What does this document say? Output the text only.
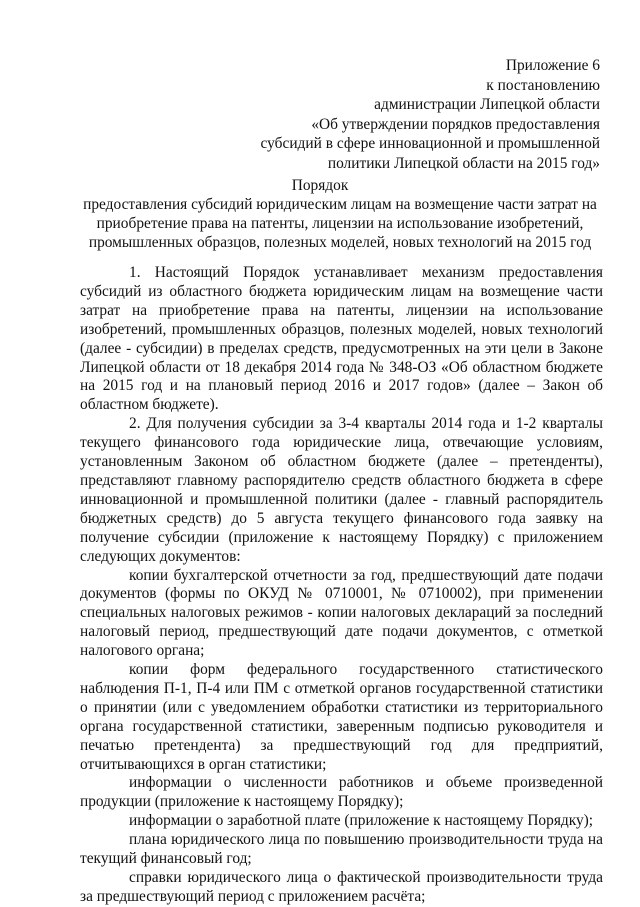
Приложение 6
к постановлению
администрации Липецкой области
«Об утверждении порядков предоставления
субсидий в сфере инновационной и промышленной
политики Липецкой области на 2015 год»
Порядок
предоставления субсидий юридическим лицам на возмещение части затрат на
приобретение права на патенты, лицензии на использование изобретений,
промышленных образцов, полезных моделей, новых технологий на 2015 год

1. Настоящий Порядок устанавливает механизм предоставления субсидий из областного бюджета юридическим лицам на возмещение части затрат на приобретение права на патенты, лицензии на использование изобретений, промышленных образцов, полезных моделей, новых технологий (далее - субсидии) в пределах средств, предусмотренных на эти цели в Законе Липецкой области от 18 декабря 2014 года № 348-ОЗ «Об областном бюджете на 2015 год и на плановый период 2016 и 2017 годов» (далее – Закон об областном бюджете).

2. Для получения субсидии за 3-4 кварталы 2014 года и 1-2 кварталы текущего финансового года юридические лица, отвечающие условиям, установленным Законом об областном бюджете (далее – претенденты), представляют главному распорядителю средств областного бюджета в сфере инновационной и промышленной политики (далее - главный распорядитель бюджетных средств) до 5 августа текущего финансового года заявку на получение субсидии (приложение к настоящему Порядку) с приложением следующих документов:

копии бухгалтерской отчетности за год, предшествующий дате подачи документов (формы по ОКУД № 0710001, № 0710002), при применении специальных налоговых режимов - копии налоговых деклараций за последний налоговый период, предшествующий дате подачи документов, с отметкой налогового органа;

копии форм федерального государственного статистического наблюдения П-1, П-4 или ПМ с отметкой органов государственной статистики о принятии (или с уведомлением обработки статистики из территориального органа государственной статистики, заверенным подписью руководителя и печатью претендента) за предшествующий год для предприятий, отчитывающихся в орган статистики;

информации о численности работников и объеме произведенной продукции (приложение к настоящему Порядку);

информации о заработной плате (приложение к настоящему Порядку);

плана юридического лица по повышению производительности труда на текущий финансовый год;

справки юридического лица о фактической производительности труда за предшествующий период с приложением расчёта;
